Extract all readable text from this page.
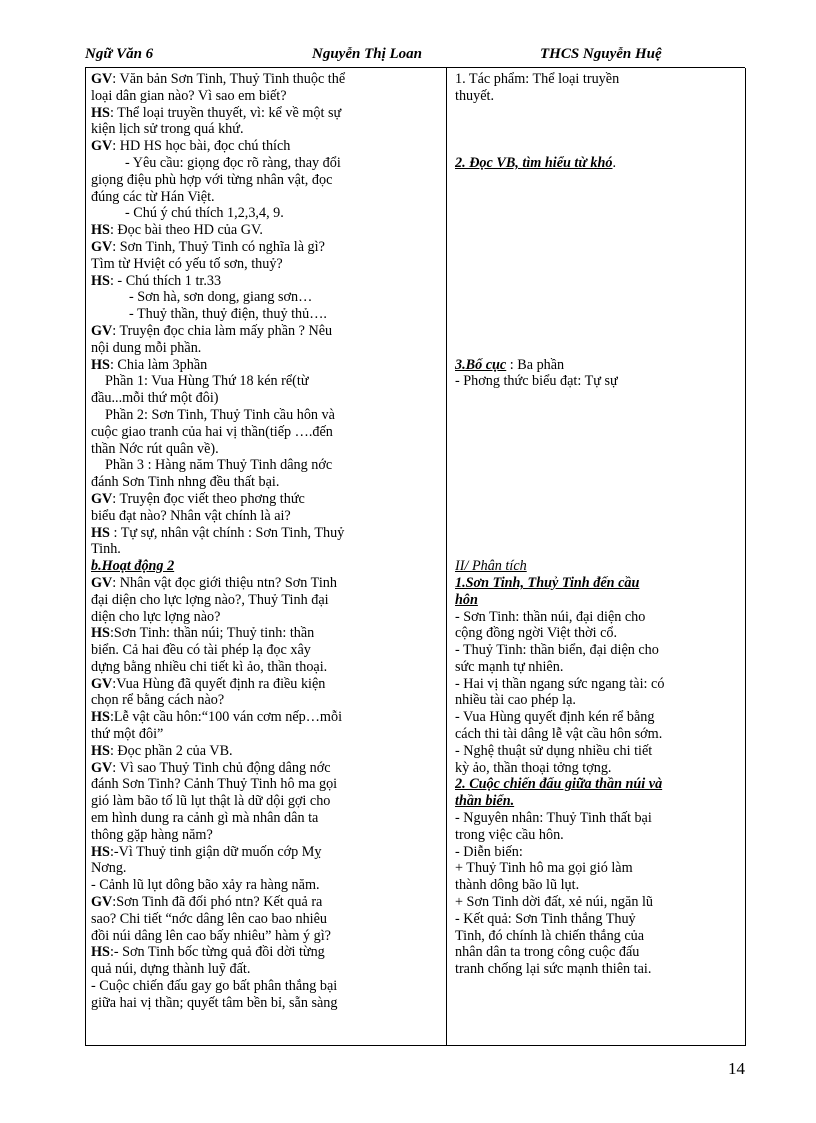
Ngữ Văn 6	Nguyễn Thị Loan	THCS Nguyễn Huệ
GV: Văn bản Sơn Tinh, Thuỷ Tinh thuộc thể
loại dân gian nào? Vì sao em biết?
HS: Thể loại truyền thuyết, vì: kể về một sự
kiện lịch sử trong quá khứ.
GV: HD HS học bài, đọc chú thích
- Yêu cầu: giọng đọc rõ ràng, thay đổi
giọng điệu phù hợp với từng nhân vật, đọc
đúng các từ Hán Việt.
- Chú ý chú thích 1,2,3,4, 9.
HS: Đọc bài theo HD của GV.
GV: Sơn Tinh, Thuỷ Tinh có nghĩa là gì?
Tìm từ Hviệt có yếu tố sơn, thuỷ?
HS: - Chú thích 1 tr.33
- Sơn hà, sơn dong, giang sơn…
- Thuỷ thần, thuỷ điện, thuỷ thủ….
GV: Truyện đọc chia làm mấy phần ? Nêu
nội dung mỗi phần.
HS: Chia làm 3phần
Phần 1: Vua Hùng Thứ 18 kén rể(từ
đầu...mỗi thứ một đôi)
Phần 2: Sơn Tinh, Thuỷ Tinh cầu hôn và
cuộc giao tranh của hai vị thần(tiếp ….đến
thần Nớc rút quân về).
Phần 3 : Hàng năm Thuỷ Tinh dâng nớc
đánh Sơn Tinh nhng đều thất bại.
GV: Truyện đọc viết theo phơng thức
biểu đạt nào? Nhân vật chính là ai?
HS : Tự sự, nhân vật chính : Sơn Tinh, Thuỷ
Tinh.
b.Hoạt động 2
GV: Nhân vật đọc giới thiệu ntn? Sơn Tinh
đại diện cho lực lợng nào?, Thuỷ Tinh đại
diện cho lực lợng nào?
HS:Sơn Tinh: thần núi; Thuỷ tinh: thần
biển. Cả hai đều có tài phép lạ đọc xây
dựng bằng nhiều chi tiết kì ảo, thần thoại.
GV:Vua Hùng đã quyết định ra điều kiện
chọn rể bằng cách nào?
HS:Lễ vật cầu hôn:“100 ván cơm nếp…mỗi
thứ một đôi”
HS: Đọc phần 2 của VB.
GV: Vì sao Thuỷ Tinh chủ động dâng nớc
đánh Sơn Tinh? Cảnh Thuỷ Tinh hô ma gọi
gió làm bão tố lũ lụt thật là dữ dội gợi cho
em hình dung ra cảnh gì mà nhân dân ta
thông gặp hàng năm?
HS:-Vì Thuỷ tinh giận dữ muốn cớp Mỵ
Nơng.
- Cảnh lũ lụt dông bão xảy ra hàng năm.
GV:Sơn Tinh đã đối phó ntn? Kết quả ra
sao? Chi tiết “nớc dâng lên cao bao nhiêu
đồi núi dâng lên cao bấy nhiêu” hàm ý gì?
HS:- Sơn Tinh bốc từng quả đồi dời từng
quả núi, dựng thành luỹ đất.
- Cuộc chiến đấu gay go bất phân thắng bại
giữa hai vị thần; quyết tâm bền bỉ, sẵn sàng
1. Tác phẩm: Thể loại truyền
thuyết.
2. Đọc VB, tìm hiểu từ khó.
3.Bố cục : Ba phần
- Phơng thức biểu đạt: Tự sự
II/ Phân tích
1.Sơn Tinh, Thuỷ Tinh đến cầu
hôn
- Sơn Tinh: thần núi, đại diện cho
cộng đồng ngời Việt thời cổ.
- Thuỷ Tinh: thần biển, đại diện cho
sức mạnh tự nhiên.
- Hai vị thần ngang sức ngang tài: có
nhiều tài cao phép lạ.
- Vua Hùng quyết định kén rể bằng
cách thi tài dâng lễ vật cầu hôn sớm.
- Nghệ thuật sử dụng nhiều chi tiết
kỳ ảo, thần thoại tởng tợng.
2. Cuộc chiến đấu giữa thần núi và
thần biển.
- Nguyên nhân: Thuỷ Tinh thất bại
trong việc cầu hôn.
- Diễn biến:
+ Thuỷ Tinh hô ma gọi gió làm
thành dông bão lũ lụt.
+ Sơn Tinh dời đất, xẻ núi, ngăn lũ
- Kết quả: Sơn Tinh thắng Thuỷ
Tinh, đó chính là chiến thắng của
nhân dân ta trong công cuộc đấu
tranh chống lại sức mạnh thiên tai.
14
